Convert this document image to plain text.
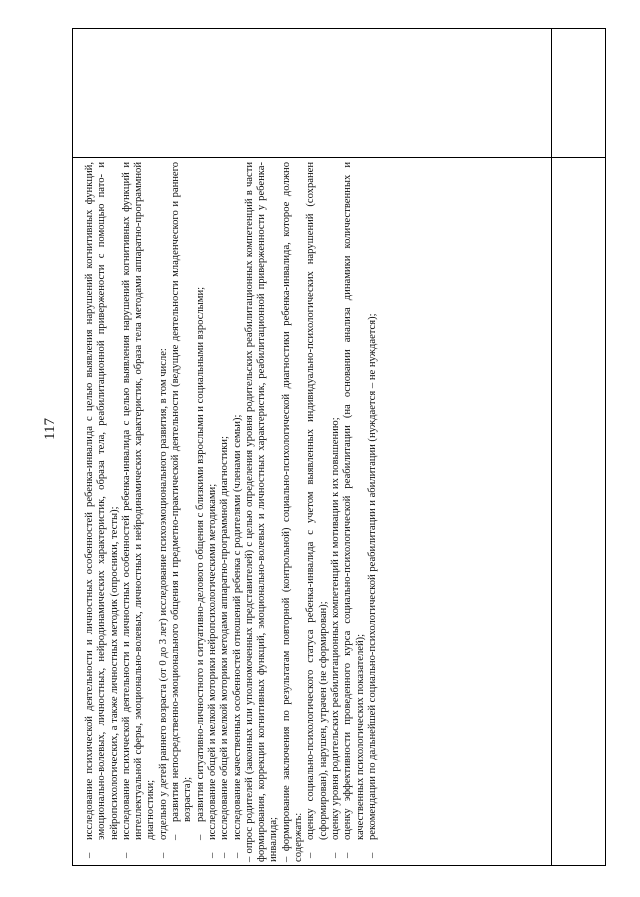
117

–
исследование психической деятельности и личностных особенностей ребенка-инвалида с целью выявления нарушений когнитивных функций, эмоционально-волевых, личностных, нейродинамических характеристик, образа тела, реабилитационной привержености с помощью пато- и нейропсихологических, а также личностных методик (опросники, тесты);

–
исследование психической деятельности и личностных особенностей ребенка-инвалида с целью выявления нарушений когнитивных функций и интеллектуальной сферы, эмоционально-волевых, личностных и нейродинамических характеристик, образа тела методами аппаратно-программной диагностики;

–
отдельно у детей раннего возраста (от 0 до 3 лет) исследование психоэмоционального развития, в том числе: –
развития непосредственно-эмоционального общения и предметно-практической деятельности (ведущие деятельности младенческого и раннего возраста);

–
развития ситуативно-личностного и ситуативно-делового общения с близкими взрослыми и социальными взрослыми;

–
исследование общей и мелкой моторики нейропсихологическими методиками;

–
исследование общей и мелкой моторики методами аппаратно-программной диагностики;

–
исследование качественных особенностей отношений ребенка с родителями (членами семьи); – опрос родителей (законных или уполномоченных представителей) с целью определения уровня родительских реабилитационных компетенций в части формирования, коррекции когнитивных функций, эмоционально-волевых и личностных характеристик, реабилитационной приверженности у ребенка-инвалида; – формирование заключения по результатам повторной (контрольной) социально-психологической диагностики ребенка-инвалида, которое должно содержать: –
оценку социально-психологического статуса ребенка-инвалида с учетом выявленных индивидуально-психологических нарушений (сохранен (сформирован), нарушен, утрачен (не сформирован);

–
оценку уровня родительских реабилитационных компетенций и мотивации к их повышению;

–
оценку эффективности проведенного курса социально-психологической реабилитации (на основании анализа динамики количественных и качественных психологических показателей);

–
рекомендации по дальнейшей социально-психологической реабилитации и абилитации (нуждается – не нуждается);
